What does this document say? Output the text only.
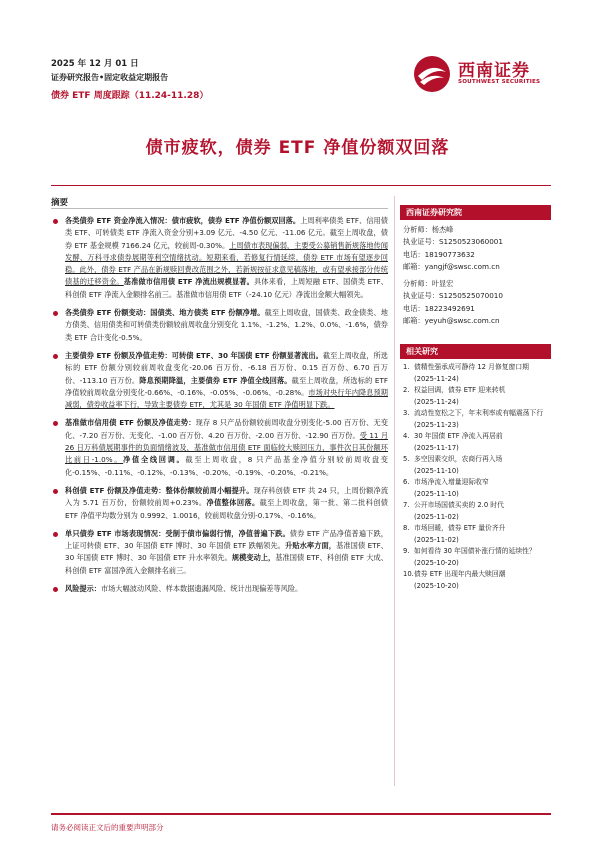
2025 年 12 月 01 日
证券研究报告•固定收益定期报告
债券 ETF 周度跟踪（11.24-11.28）
西南证券
SOUTHWEST SECURITIES
债市疲软，债券 ETF 净值份额双回落
摘要
各类债券 ETF 资金净流入情况：债市疲软，债券 ETF 净值份额双回落。上周利率债类 ETF、信用债类 ETF、可转债类 ETF 净流入资金分别+3.09 亿元、-4.50 亿元、-11.06 亿元。截至上周收盘，债券 ETF 基金规模 7166.24 亿元，较前周-0.30%。上周债市表现偏弱，主要受公募销售新规落地传闻发酵、万科寻求债券展期等利空情绪扰动。短期来看，若修复行情延续，债券 ETF 市场有望逐步回稳。此外，债券 ETF 产品在新规赎回费改范围之外，若新规按征求意见稿落地，或有望承接部分传统债基的迁移资金。基准做市信用债 ETF 净流出规模显著。具体来看，上周短融 ETF、国债类 ETF、科创债 ETF 净流入金额排名前三。基准做市信用债 ETF（-24.10 亿元）净流出金额大幅领先。
各类债券 ETF 份额变动：国债类、地方债类 ETF 份额净增。截至上周收盘，国债类、政金债类、地方债类、信用债类和可转债类份额较前周收盘分别变化 1.1%、-1.2%、1.2%、0.0%、-1.6%，债券类 ETF 合计变化-0.5%。
主要债券 ETF 份额及净值走势：可转债 ETF、30 年国债 ETF 份额显著流出。截至上周收盘，所选标的 ETF 份额分别较前周收盘变化-20.06 百万份、-6.18 百万份、0.15 百万份、6.70 百万份、-113.10 百万份。降息预期降温，主要债券 ETF 净值全线回落。截至上周收盘，所选标的 ETF 净值较前周收盘分别变化-0.66%、-0.16%、-0.05%、-0.06%、-0.28%。市场对央行年内降息预期减弱，债券收益率下行，导致主要债券 ETF，尤其是 30 年国债 ETF 净值明显下跌。
基准做市信用债 ETF 份额及净值走势：现存 8 只产品份额较前周收盘分别变化-5.00 百万份、无变化、-7.20 百万份、无变化、-1.00 百万份、4.20 百万份、-2.00 百万份、-12.90 百万份。受 11 月 26 日万科债展期事件的负面情绪波及，基准做市信用债 ETF 面临较大赎回压力，事件次日其份额环比前日-1.0%。净值全线回调。截至上周收盘，8 只产品基金净值分别较前周收盘变化-0.15%、-0.11%、-0.12%、-0.13%、-0.20%、-0.19%、-0.20%、-0.21%。
科创债 ETF 份额及净值走势：整体份额较前周小幅提升。现存科创债 ETF 共 24 只，上周份额净流入为 5.71 百万份，份额较前周+0.23%。净值整体回落。截至上周收盘，第一批、第二批科创债 ETF 净值平均数分别为 0.9992、1.0016，较前周收盘分别-0.17%、-0.16%。
单只债券 ETF 市场表现情况：受制于债市偏弱行情，净值普遍下跌。债券 ETF 产品净值普遍下跌，上证可转债 ETF、30 年国债 ETF 博时、30 年国债 ETF 跌幅领先。升贴水率方面，基准国债 ETF、30 年国债 ETF 博时、30 年国债 ETF 升水率领先。规模变动上，基准国债 ETF、科创债 ETF 大成、科创债 ETF 富国净流入金额排名前三。
风险提示：市场大幅波动风险、样本数据遗漏风险、统计出现偏差等风险。
西南证券研究院
相关研究
分析师：杨杰峰
执业证号：S1250523060001
电话：18190773632
邮箱：yangjf@swsc.com.cn
分析师：叶显宏
执业证号：S1250525070010
电话：18223492691
邮箱：yeyuh@swsc.com.cn
1. 债精性强承成可静待 12 月修复窗口期
(2025-11-24)
2. 权益回调，债券 ETF 迎来转机
(2025-11-24)
3. 流动性宽松之下，年末利率或有幅震荡下行
(2025-11-23)
4. 30 年国债 ETF 净流入再居前
(2025-11-17)
5. 多空因素交织，农商行再入场
(2025-11-10)
6. 市场净流入增量迎际收窄
(2025-11-10)
7. 公开市场国债买卖的 2.0 时代
(2025-11-02)
8. 市场回暖，债券 ETF 量价齐升
(2025-11-02)
9. 如何看待 30 年国债补涨行情的延续性？
(2025-10-20)
10. 债券 ETF 出现年内最大赎回潮
(2025-10-20)
请务必阅读正文后的重要声明部分
